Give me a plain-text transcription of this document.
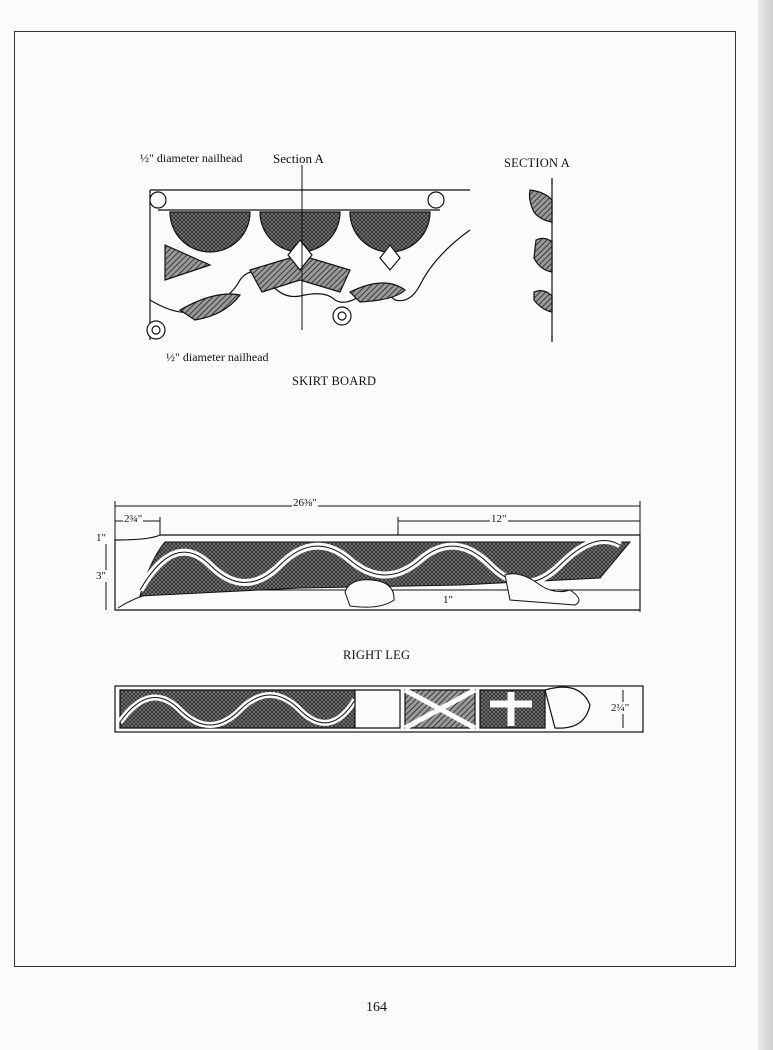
½" diameter nailhead Section A
½" diameter nailhead
SKIRT BOARD
SECTION A
26⅜"
2¾"	12"
1"
3"
1"
RIGHT LEG
2¼"
164
